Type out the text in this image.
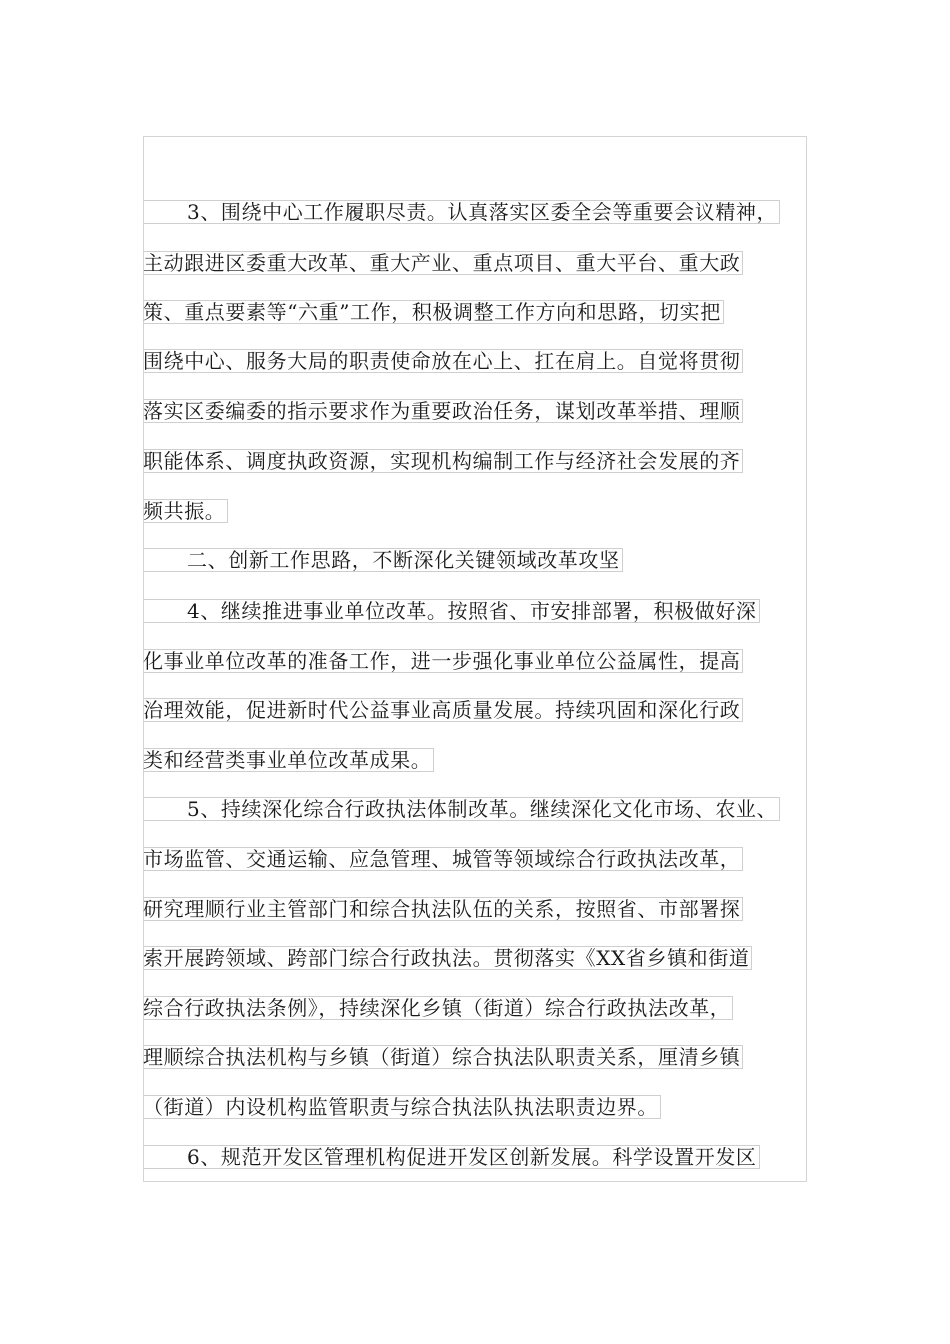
3、围绕中心工作履职尽责。认真落实区委全会等重要会议精神，
主动跟进区委重大改革、重大产业、重点项目、重大平台、重大政
策、重点要素等“六重”工作，积极调整工作方向和思路，切实把
围绕中心、服务大局的职责使命放在心上、扛在肩上。自觉将贯彻
落实区委编委的指示要求作为重要政治任务，谋划改革举措、理顺
职能体系、调度执政资源，实现机构编制工作与经济社会发展的齐
频共振。
二、创新工作思路，不断深化关键领域改革攻坚
4、继续推进事业单位改革。按照省、市安排部署，积极做好深
化事业单位改革的准备工作，进一步强化事业单位公益属性，提高
治理效能，促进新时代公益事业高质量发展。持续巩固和深化行政
类和经营类事业单位改革成果。
5、持续深化综合行政执法体制改革。继续深化文化市场、农业、
市场监管、交通运输、应急管理、城管等领域综合行政执法改革，
研究理顺行业主管部门和综合执法队伍的关系，按照省、市部署探
索开展跨领域、跨部门综合行政执法。贯彻落实《XX省乡镇和街道
综合行政执法条例》，持续深化乡镇（街道）综合行政执法改革，
理顺综合执法机构与乡镇（街道）综合执法队职责关系，厘清乡镇
（街道）内设机构监管职责与综合执法队执法职责边界。
6、规范开发区管理机构促进开发区创新发展。科学设置开发区
